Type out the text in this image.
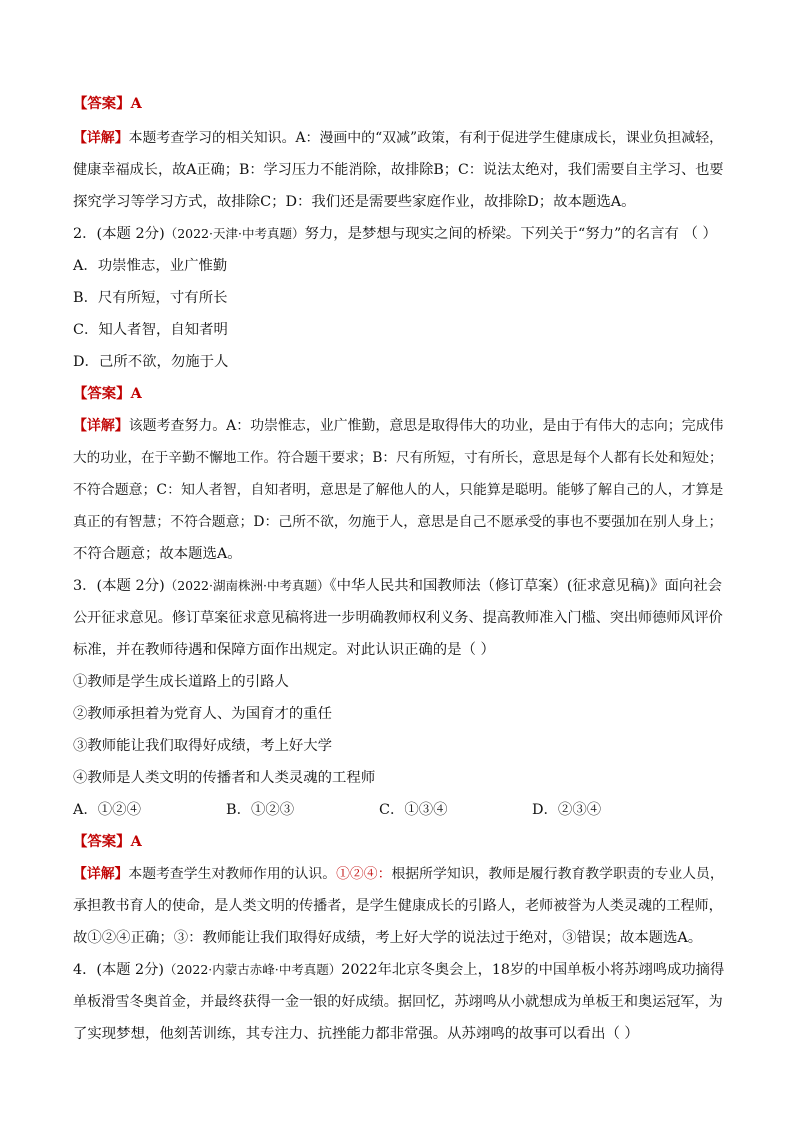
【答案】A
【详解】本题考查学习的相关知识。A：漫画中的“双减”政策，有利于促进学生健康成长，课业负担减轻，
健康幸福成长，故A正确；B：学习压力不能消除，故排除B；C：说法太绝对，我们需要自主学习、也要
探究学习等学习方式，故排除C；D：我们还是需要些家庭作业，故排除D；故本题选A。
2．(本题 2分)（2022·天津·中考真题）努力，是梦想与现实之间的桥梁。下列关于“努力”的名言有 （ ）
A．功崇惟志，业广惟勤
B．尺有所短，寸有所长
C．知人者智，自知者明
D．己所不欲，勿施于人
【答案】A
【详解】该题考查努力。A：功崇惟志，业广惟勤，意思是取得伟大的功业，是由于有伟大的志向；完成伟
大的功业，在于辛勤不懈地工作。符合题干要求；B：尺有所短，寸有所长，意思是每个人都有长处和短处；
不符合题意；C：知人者智，自知者明，意思是了解他人的人，只能算是聪明。能够了解自己的人，才算是
真正的有智慧；不符合题意；D：己所不欲，勿施于人，意思是自己不愿承受的事也不要强加在别人身上；
不符合题意；故本题选A。
3．(本题 2分)（2022·湖南株洲·中考真题）《中华人民共和国教师法（修订草案）(征求意见稿)》面向社会
公开征求意见。修订草案征求意见稿将进一步明确教师权利义务、提高教师准入门槛、突出师德师风评价
标准，并在教师待遇和保障方面作出规定。对此认识正确的是（ ）
①教师是学生成长道路上的引路人
②教师承担着为党育人、为国育才的重任
③教师能让我们取得好成绩，考上好大学
④教师是人类文明的传播者和人类灵魂的工程师
A．①②④	B．①②③	C．①③④	D．②③④
【答案】A
【详解】本题考查学生对教师作用的认识。①②④：根据所学知识，教师是履行教育教学职责的专业人员，
承担教书育人的使命，是人类文明的传播者，是学生健康成长的引路人，老师被誉为人类灵魂的工程师，
故①②④正确；③：教师能让我们取得好成绩，考上好大学的说法过于绝对，③错误；故本题选A。
4．(本题 2分)（2022·内蒙古赤峰·中考真题）2022年北京冬奥会上，18岁的中国单板小将苏翊鸣成功摘得
单板滑雪冬奥首金，并最终获得一金一银的好成绩。据回忆，苏翊鸣从小就想成为单板王和奥运冠军，为
了实现梦想，他刻苦训练，其专注力、抗挫能力都非常强。从苏翊鸣的故事可以看出（ ）
